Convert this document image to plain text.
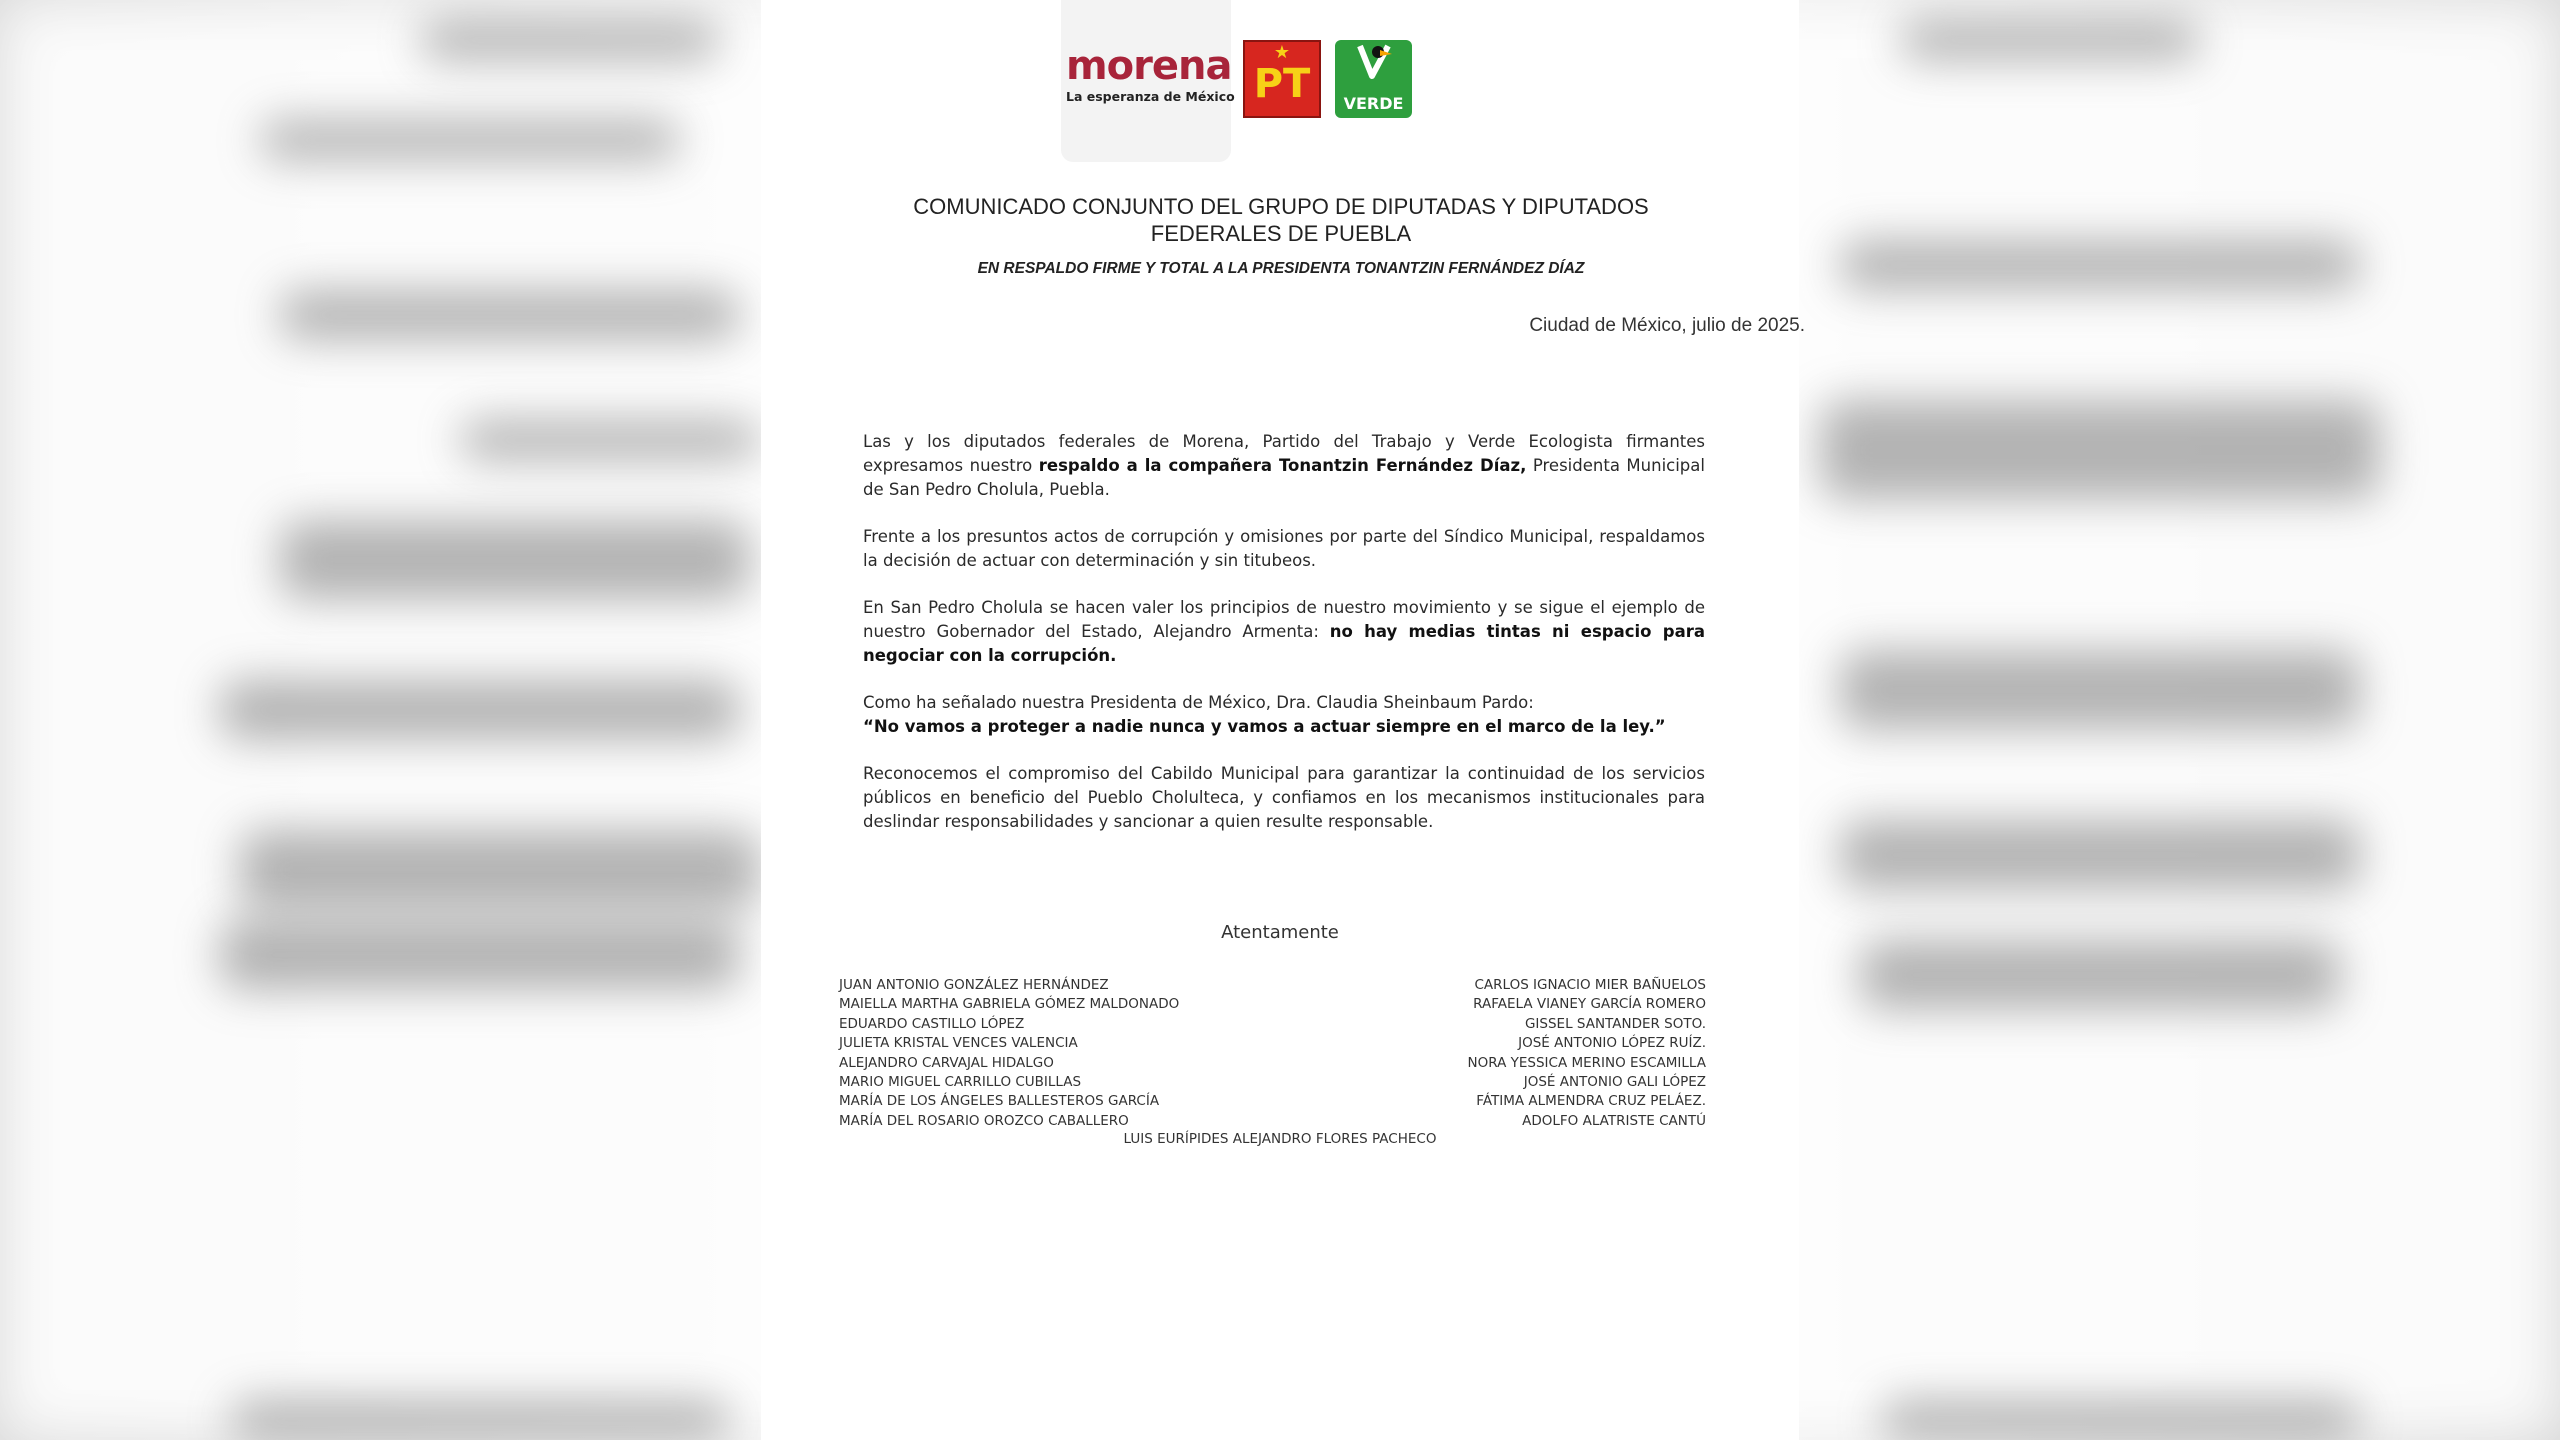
morena
La esperanza de México
★
PT	VERDE
COMUNICADO CONJUNTO DEL GRUPO DE DIPUTADAS Y DIPUTADOS FEDERALES DE PUEBLA
EN RESPALDO FIRME Y TOTAL A LA PRESIDENTA TONANTZIN FERNÁNDEZ DÍAZ
Ciudad de México, julio de 2025.

Las y los diputados federales de Morena, Partido del Trabajo y Verde Ecologista firmantes expresamos nuestro respaldo a la compañera Tonantzin Fernández Díaz, Presidenta Municipal de San Pedro Cholula, Puebla.

Frente a los presuntos actos de corrupción y omisiones por parte del Síndico Municipal, respaldamos la decisión de actuar con determinación y sin titubeos.

En San Pedro Cholula se hacen valer los principios de nuestro movimiento y se sigue el ejemplo de nuestro Gobernador del Estado, Alejandro Armenta: no hay medias tintas ni espacio para negociar con la corrupción.

Como ha señalado nuestra Presidenta de México, Dra. Claudia Sheinbaum Pardo:
“No vamos a proteger a nadie nunca y vamos a actuar siempre en el marco de la ley.”

Reconocemos el compromiso del Cabildo Municipal para garantizar la continuidad de los servicios públicos en beneficio del Pueblo Cholulteca, y confiamos en los mecanismos institucionales para deslindar responsabilidades y sancionar a quien resulte responsable.

Atentamente
JUAN ANTONIO GONZÁLEZ HERNÁNDEZ
MAIELLA MARTHA GABRIELA GÓMEZ MALDONADO
EDUARDO CASTILLO LÓPEZ
JULIETA KRISTAL VENCES VALENCIA
ALEJANDRO CARVAJAL HIDALGO
MARIO MIGUEL CARRILLO CUBILLAS
MARÍA DE LOS ÁNGELES BALLESTEROS GARCÍA
MARÍA DEL ROSARIO OROZCO CABALLERO
CARLOS IGNACIO MIER BAÑUELOS
RAFAELA VIANEY GARCÍA ROMERO
GISSEL SANTANDER SOTO.
JOSÉ ANTONIO LÓPEZ RUÍZ.
NORA YESSICA MERINO ESCAMILLA
JOSÉ ANTONIO GALI LÓPEZ
FÁTIMA ALMENDRA CRUZ PELÁEZ.
ADOLFO ALATRISTE CANTÚ
LUIS EURÍPIDES ALEJANDRO FLORES PACHECO
